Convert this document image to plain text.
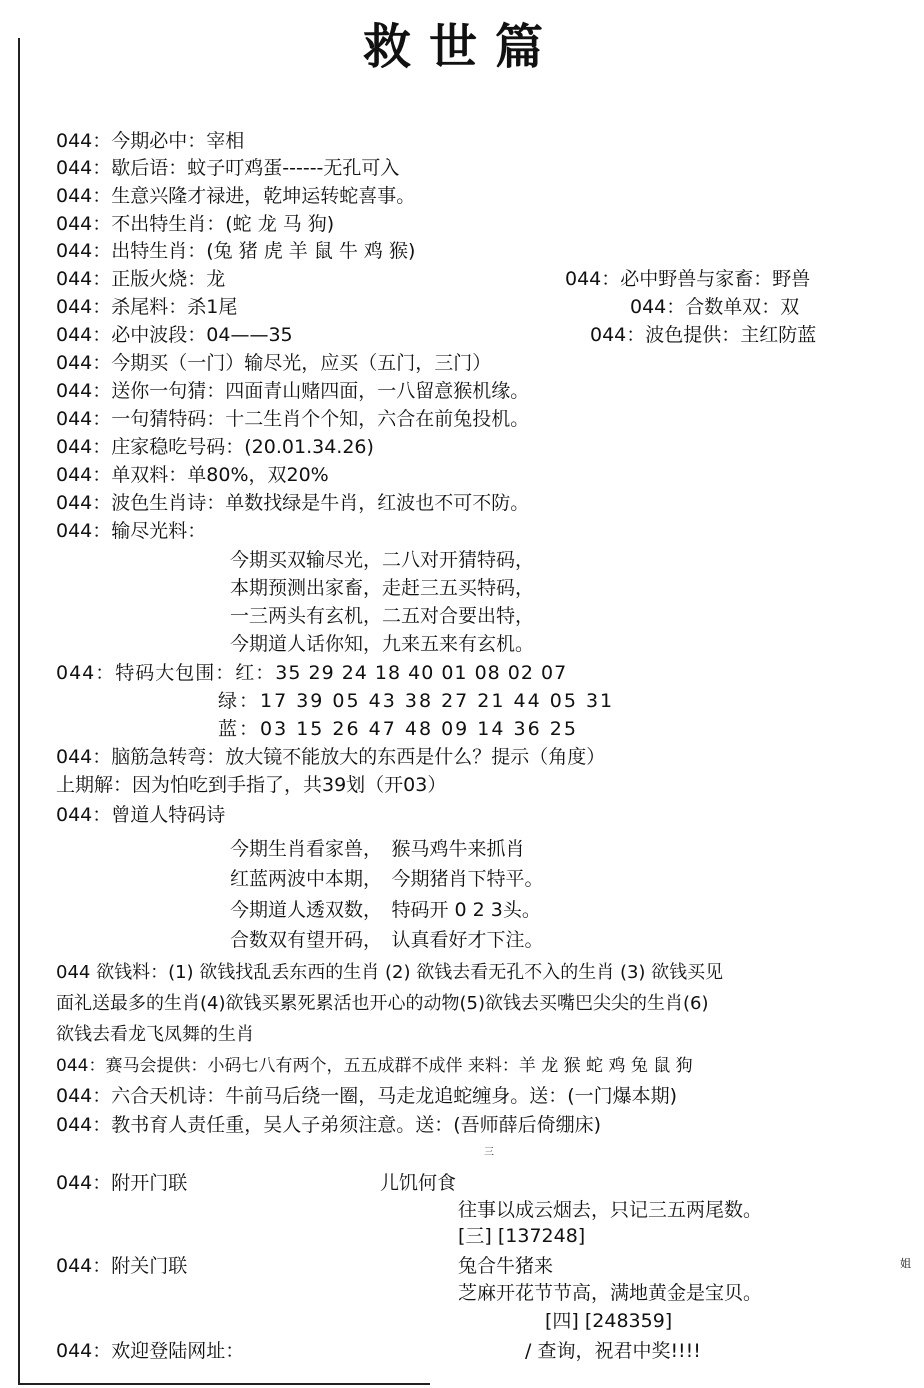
救世篇
044：今期必中：宰相
044：歇后语：蚊子叮鸡蛋------无孔可入
044：生意兴隆才禄进，乾坤运转蛇喜事。
044：不出特生肖：(蛇 龙 马 狗)
044：出特生肖：(兔 猪 虎 羊 鼠 牛 鸡 猴)
044：正版火烧：龙	044：必中野兽与家畜：野兽
044：杀尾料：杀1尾	044：合数单双：双
044：必中波段：04——35	044：波色提供：主红防蓝
044：今期买（一门）输尽光，应买（五门，三门）
044：送你一句猜：四面青山赌四面，一八留意猴机缘。
044：一句猜特码：十二生肖个个知，六合在前兔投机。
044：庄家稳吃号码：(20.01.34.26)
044：单双料：单80%，双20%
044：波色生肖诗：单数找绿是牛肖，红波也不可不防。
044：输尽光料：
今期买双输尽光，二八对开猜特码，
本期预测出家畜，走赶三五买特码，
一三两头有玄机，二五对合要出特，
今期道人话你知，九来五来有玄机。
044：特码大包围：红：35 29 24 18 40 01 08 02 07
绿：17 39 05 43 38 27 21 44 05 31
蓝：03 15 26 47 48 09 14 36 25
044：脑筋急转弯：放大镜不能放大的东西是什么？提示（角度）
上期解：因为怕吃到手指了，共39划（开03）
044：曾道人特码诗
今期生肖看家兽，　猴马鸡牛来抓肖
红蓝两波中本期，　今期猪肖下特平。
今期道人透双数，　特码开 0 2 3头。
合数双有望开码，　认真看好才下注。
044 欲钱料：(1) 欲钱找乱丢东西的生肖 (2) 欲钱去看无孔不入的生肖 (3) 欲钱买见
面礼送最多的生肖(4)欲钱买累死累活也开心的动物(5)欲钱去买嘴巴尖尖的生肖(6)
欲钱去看龙飞凤舞的生肖
044：赛马会提供：小码七八有两个，五五成群不成伴 来料：羊 龙 猴 蛇 鸡 兔 鼠 狗
044：六合天机诗：牛前马后绕一圈，马走龙追蛇缠身。送：(一门爆本期)
044：教书育人责任重，吴人子弟须注意。送：(吾师薛后倚绷床)
三
044：附开门联	儿饥何食
往事以成云烟去，只记三五两尾数。
[三] [137248]
044：附关门联	兔合牛猪来
芝麻开花节节高，满地黄金是宝贝。
[四] [248359]
044：欢迎登陆网址：	/ 查询，祝君中奖!!!!
姐
